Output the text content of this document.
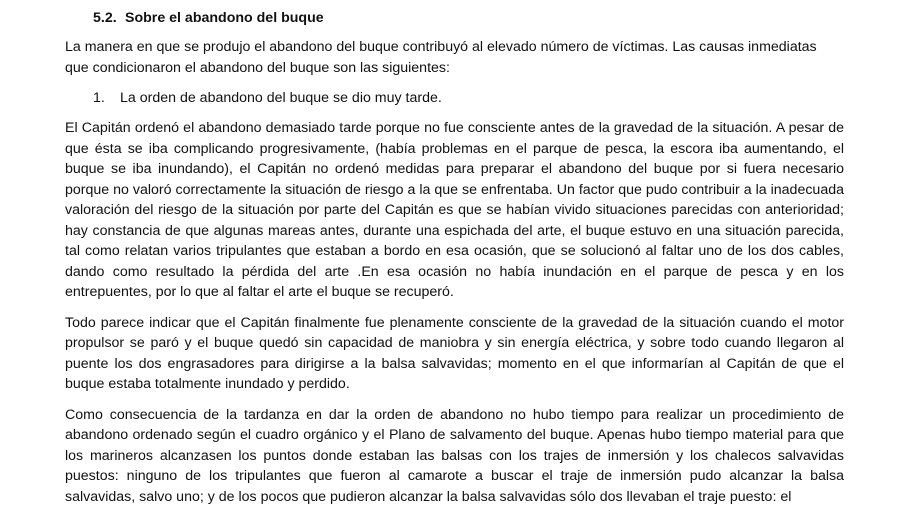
5.2. Sobre el abandono del buque

La manera en que se produjo el abandono del buque contribuyó al elevado número de víctimas. Las causas inmediatas que condicionaron el abandono del buque son las siguientes:

1. La orden de abandono del buque se dio muy tarde.

El Capitán ordenó el abandono demasiado tarde porque no fue consciente antes de la gravedad de la situación. A pesar de que ésta se iba complicando progresivamente, (había problemas en el parque de pesca, la escora iba aumentando, el buque se iba inundando), el Capitán no ordenó medidas para preparar el abandono del buque por si fuera necesario porque no valoró correctamente la situación de riesgo a la que se enfrentaba. Un factor que pudo contribuir a la inadecuada valoración del riesgo de la situación por parte del Capitán es que se habían vivido situaciones parecidas con anterioridad; hay constancia de que algunas mareas antes, durante una espichada del arte, el buque estuvo en una situación parecida, tal como relatan varios tripulantes que estaban a bordo en esa ocasión, que se solucionó al faltar uno de los dos cables, dando como resultado la pérdida del arte .En esa ocasión no había inundación en el parque de pesca y en los entrepuentes, por lo que al faltar el arte el buque se recuperó.

Todo parece indicar que el Capitán finalmente fue plenamente consciente de la gravedad de la situación cuando el motor propulsor se paró y el buque quedó sin capacidad de maniobra y sin energía eléctrica, y sobre todo cuando llegaron al puente los dos engrasadores para dirigirse a la balsa salvavidas; momento en el que informarían al Capitán de que el buque estaba totalmente inundado y perdido.

Como consecuencia de la tardanza en dar la orden de abandono no hubo tiempo para realizar un procedimiento de abandono ordenado según el cuadro orgánico y el Plano de salvamento del buque. Apenas hubo tiempo material para que los marineros alcanzasen los puntos donde estaban las balsas con los trajes de inmersión y los chalecos salvavidas puestos: ninguno de los tripulantes que fueron al camarote a buscar el traje de inmersión pudo alcanzar la balsa salvavidas, salvo uno; y de los pocos que pudieron alcanzar la balsa salvavidas sólo dos llevaban el traje puesto: el
